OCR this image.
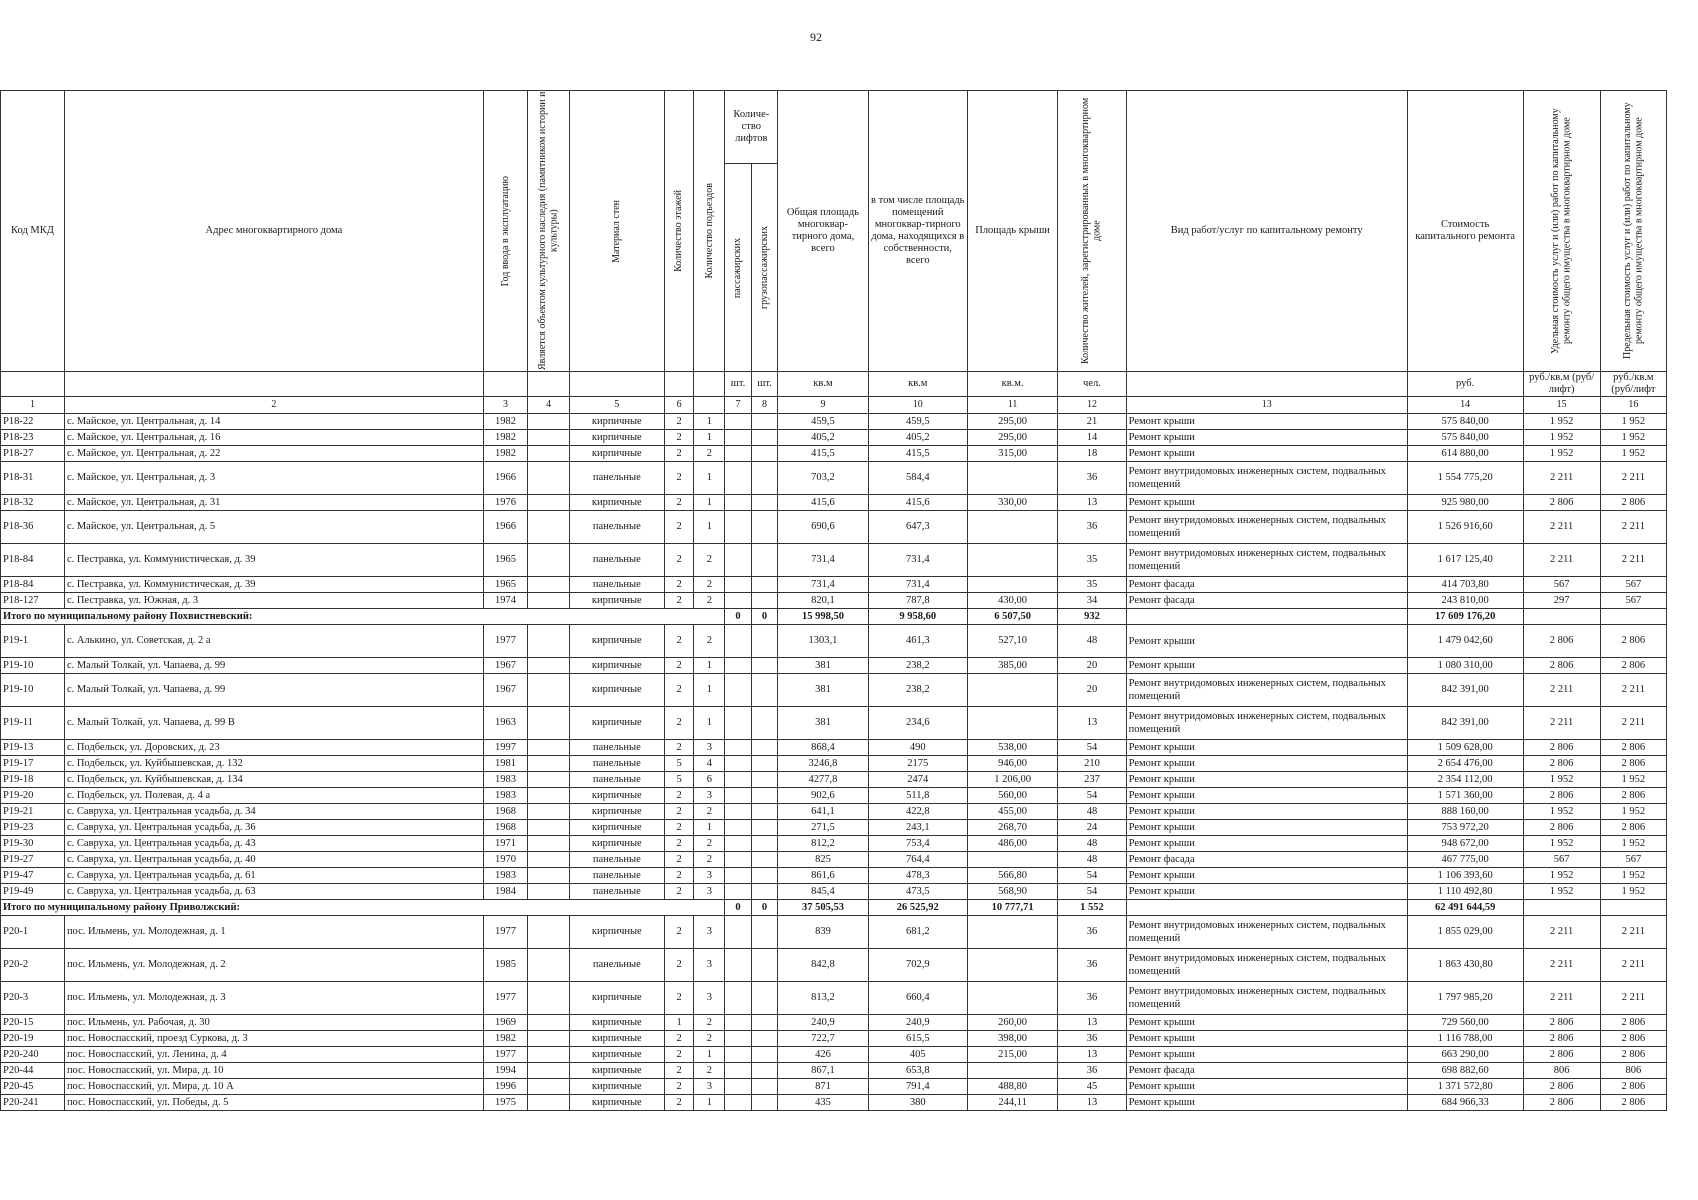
92
Код МКД	Адрес многоквартирного дома	Год ввода в эксплуатацию	Является объектом культурного наследия (памятником истории и культуры)	Материал стен	Количество этажей	Количество подъездов	Количе-ство лифтов		Общая площадь многоквар-тирного дома, всего	в том числе площадь помещений многоквар-тирного дома, находящихся в собственности, всего	Площадь крыши	Количество жителей, зарегистрированных в многоквартирном доме	Вид работ/услуг по капитальному ремонту	Стоимость капитального ремонта	Удельная стоимость услуг и (или) работ по капитальному ремонту общего имущества в многоквартирном доме	Предельная стоимость услуг и (или) работ по капитальному ремонту общего имущества в многоквартирном доме

							пассажирских	грузопассажирских								

							шт.	шт.	кв.м	кв.м	кв.м.	чел.		руб.	руб./кв.м (руб/лифт)	руб./кв.м (руб/лифт
1	2	3	4	5	6		7	8	9	10	11	12	13	14	15	16
Р18-22	с. Майское, ул. Центральная, д. 14	1982		кирпичные	2	1			459,5	459,5	295,00	21	Ремонт крыши	575 840,00	1 952	1 952
Р18-23	с. Майское, ул. Центральная, д. 16	1982		кирпичные	2	1			405,2	405,2	295,00	14	Ремонт крыши	575 840,00	1 952	1 952
Р18-27	с. Майское, ул. Центральная, д. 22	1982		кирпичные	2	2			415,5	415,5	315,00	18	Ремонт крыши	614 880,00	1 952	1 952
Р18-31	с. Майское, ул. Центральная, д. 3	1966		панельные	2	1			703,2	584,4		36	Ремонт внутридомовых инженерных систем, подвальных помещений	1 554 775,20	2 211	2 211
Р18-32	с. Майское, ул. Центральная, д. 31	1976		кирпичные	2	1			415,6	415,6	330,00	13	Ремонт крыши	925 980,00	2 806	2 806
Р18-36	с. Майское, ул. Центральная, д. 5	1966		панельные	2	1			690,6	647,3		36	Ремонт внутридомовых инженерных систем, подвальных помещений	1 526 916,60	2 211	2 211
Р18-84	с. Пестравка, ул. Коммунистическая, д. 39	1965		панельные	2	2			731,4	731,4		35	Ремонт внутридомовых инженерных систем, подвальных помещений	1 617 125,40	2 211	2 211
Р18-84	с. Пестравка, ул. Коммунистическая, д. 39	1965		панельные	2	2			731,4	731,4		35	Ремонт фасада	414 703,80	567	567
Р18-127	с. Пестравка, ул. Южная, д. 3	1974		кирпичные	2	2			820,1	787,8	430,00	34	Ремонт фасада	243 810,00	297	567
Итого по муниципальному району Похвистневский:							0	0	15 998,50	9 958,60	6 507,50	932		17 609 176,20		
Р19-1	с. Алькино, ул. Советская, д. 2 а	1977		кирпичные	2	2			1303,1	461,3	527,10	48	Ремонт крыши	1 479 042,60	2 806	2 806
Р19-10	с. Малый Толкай, ул. Чапаева, д. 99	1967		кирпичные	2	1			381	238,2	385,00	20	Ремонт крыши	1 080 310,00	2 806	2 806
Р19-10	с. Малый Толкай, ул. Чапаева, д. 99	1967		кирпичные	2	1			381	238,2		20	Ремонт внутридомовых инженерных систем, подвальных помещений	842 391,00	2 211	2 211
Р19-11	с. Малый Толкай, ул. Чапаева, д. 99 В	1963		кирпичные	2	1			381	234,6		13	Ремонт внутридомовых инженерных систем, подвальных помещений	842 391,00	2 211	2 211
Р19-13	с. Подбельск, ул. Доровских, д. 23	1997		панельные	2	3			868,4	490	538,00	54	Ремонт крыши	1 509 628,00	2 806	2 806
Р19-17	с. Подбельск, ул. Куйбышевская, д. 132	1981		панельные	5	4			3246,8	2175	946,00	210	Ремонт крыши	2 654 476,00	2 806	2 806
Р19-18	с. Подбельск, ул. Куйбышевская, д. 134	1983		панельные	5	6			4277,8	2474	1 206,00	237	Ремонт крыши	2 354 112,00	1 952	1 952
Р19-20	с. Подбельск, ул. Полевая, д. 4 а	1983		кирпичные	2	3			902,6	511,8	560,00	54	Ремонт крыши	1 571 360,00	2 806	2 806
Р19-21	с. Савруха, ул. Центральная усадьба, д. 34	1968		кирпичные	2	2			641,1	422,8	455,00	48	Ремонт крыши	888 160,00	1 952	1 952
Р19-23	с. Савруха, ул. Центральная усадьба, д. 36	1968		кирпичные	2	1			271,5	243,1	268,70	24	Ремонт крыши	753 972,20	2 806	2 806
Р19-30	с. Савруха, ул. Центральная усадьба, д. 43	1971		кирпичные	2	2			812,2	753,4	486,00	48	Ремонт крыши	948 672,00	1 952	1 952
Р19-27	с. Савруха, ул. Центральная усадьба, д. 40	1970		панельные	2	2			825	764,4		48	Ремонт фасада	467 775,00	567	567
Р19-47	с. Савруха, ул. Центральная усадьба, д. 61	1983		панельные	2	3			861,6	478,3	566,80	54	Ремонт крыши	1 106 393,60	1 952	1 952
Р19-49	с. Савруха, ул. Центральная усадьба, д. 63	1984		панельные	2	3			845,4	473,5	568,90	54	Ремонт крыши	1 110 492,80	1 952	1 952
Итого по муниципальному району Приволжский:							0	0	37 505,53	26 525,92	10 777,71	1 552		62 491 644,59		
Р20-1	пос. Ильмень, ул. Молодежная, д. 1	1977		кирпичные	2	3			839	681,2		36	Ремонт внутридомовых инженерных систем, подвальных помещений	1 855 029,00	2 211	2 211
Р20-2	пос. Ильмень, ул. Молодежная, д. 2	1985		панельные	2	3			842,8	702,9		36	Ремонт внутридомовых инженерных систем, подвальных помещений	1 863 430,80	2 211	2 211
Р20-3	пос. Ильмень, ул. Молодежная, д. 3	1977		кирпичные	2	3			813,2	660,4		36	Ремонт внутридомовых инженерных систем, подвальных помещений	1 797 985,20	2 211	2 211
Р20-15	пос. Ильмень, ул. Рабочая, д. 30	1969		кирпичные	1	2			240,9	240,9	260,00	13	Ремонт крыши	729 560,00	2 806	2 806
Р20-19	пос. Новоспасский, проезд Суркова, д. 3	1982		кирпичные	2	2			722,7	615,5	398,00	36	Ремонт крыши	1 116 788,00	2 806	2 806
Р20-240	пос. Новоспасский, ул. Ленина, д. 4	1977		кирпичные	2	1			426	405	215,00	13	Ремонт крыши	663 290,00	2 806	2 806
Р20-44	пос. Новоспасский, ул. Мира, д. 10	1994		кирпичные	2	2			867,1	653,8		36	Ремонт фасада	698 882,60	806	806
Р20-45	пос. Новоспасский, ул. Мира, д. 10 А	1996		кирпичные	2	3			871	791,4	488,80	45	Ремонт крыши	1 371 572,80	2 806	2 806
Р20-241	пос. Новоспасский, ул. Победы, д. 5	1975		кирпичные	2	1			435	380	244,11	13	Ремонт крыши	684 966,33	2 806	2 806
